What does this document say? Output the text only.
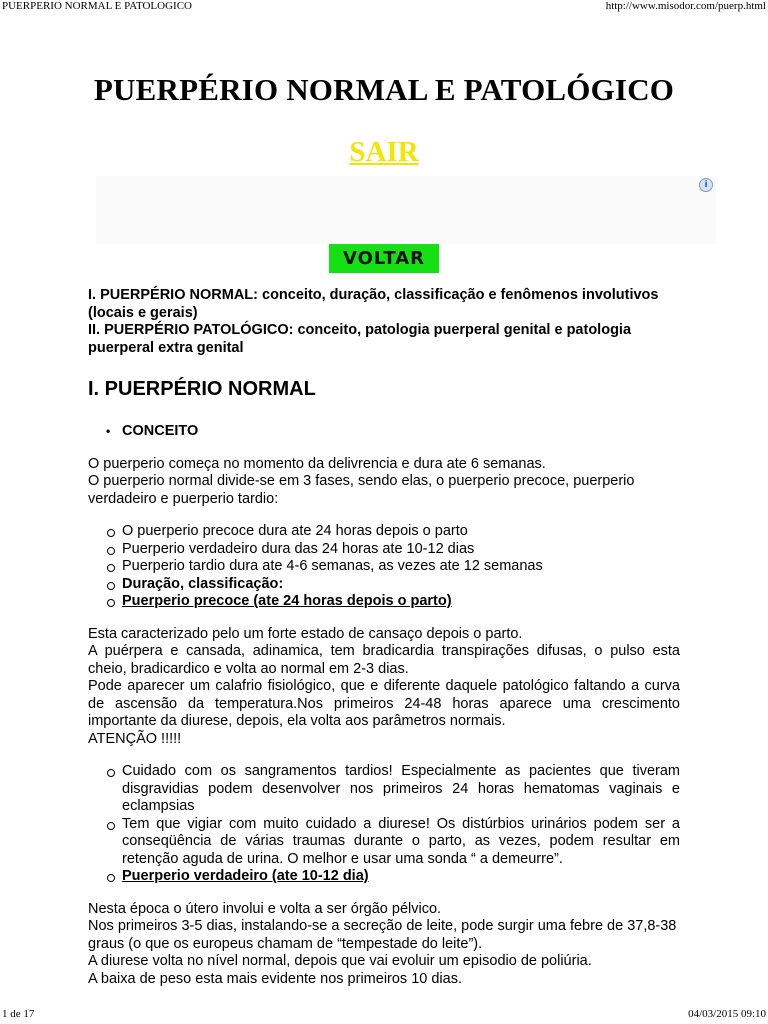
PUERPERIO NORMAL E PATOLOGICO	http://www.misodor.com/puerp.html
PUERPÉRIO NORMAL E PATOLÓGICO
SAIR
i
VOLTAR

I. PUERPÉRIO NORMAL: conceito, duração, classificação e fenômenos involutivos (locais e gerais)

II. PUERPÉRIO PATOLÓGICO: conceito, patologia puerperal genital e patologia puerperal extra genital

I. PUERPÉRIO NORMAL

• CONCEITO

O puerperio começa no momento da delivrencia e dura ate 6 semanas.

O puerperio normal divide-se em 3 fases, sendo elas, o puerperio precoce, puerperio verdadeiro e puerperio tardio:

O puerperio precoce dura ate 24 horas depois o parto
Puerperio verdadeiro dura das 24 horas ate 10-12 dias
Puerperio tardio dura ate 4-6 semanas, as vezes ate 12 semanas
Duração, classificação:
Puerperio precoce (ate 24 horas depois o parto)

Esta caracterizado pelo um forte estado de cansaço depois o parto.

A puérpera e cansada, adinamica, tem bradicardia transpirações difusas, o pulso esta cheio, bradicardico e volta ao normal em 2-3 dias.

Pode aparecer um calafrio fisiológico, que e diferente daquele patológico faltando a curva de ascensão da temperatura.Nos primeiros 24-48 horas aparece uma crescimento importante da diurese, depois, ela volta aos parâmetros normais.

ATENÇÃO !!!!!

Cuidado com os sangramentos tardios! Especialmente as pacientes que tiveram disgravidias podem desenvolver nos primeiros 24 horas hematomas vaginais e eclampsias
Tem que vigiar com muito cuidado a diurese! Os distúrbios urinários podem ser a conseqüência de várias traumas durante o parto, as vezes, podem resultar em retenção aguda de urina. O melhor e usar uma sonda “ a demeurre”.
Puerperio verdadeiro (ate 10-12 dia)

Nesta época o útero involui e volta a ser órgão pélvico.

Nos primeiros 3-5 dias, instalando-se a secreção de leite, pode surgir uma febre de 37,8-38 graus (o que os europeus chamam de “tempestade do leite”).

A diurese volta no nível normal, depois que vai evoluir um episodio de poliúria.

A baixa de peso esta mais evidente nos primeiros 10 dias.

1 de 17	04/03/2015 09:10
